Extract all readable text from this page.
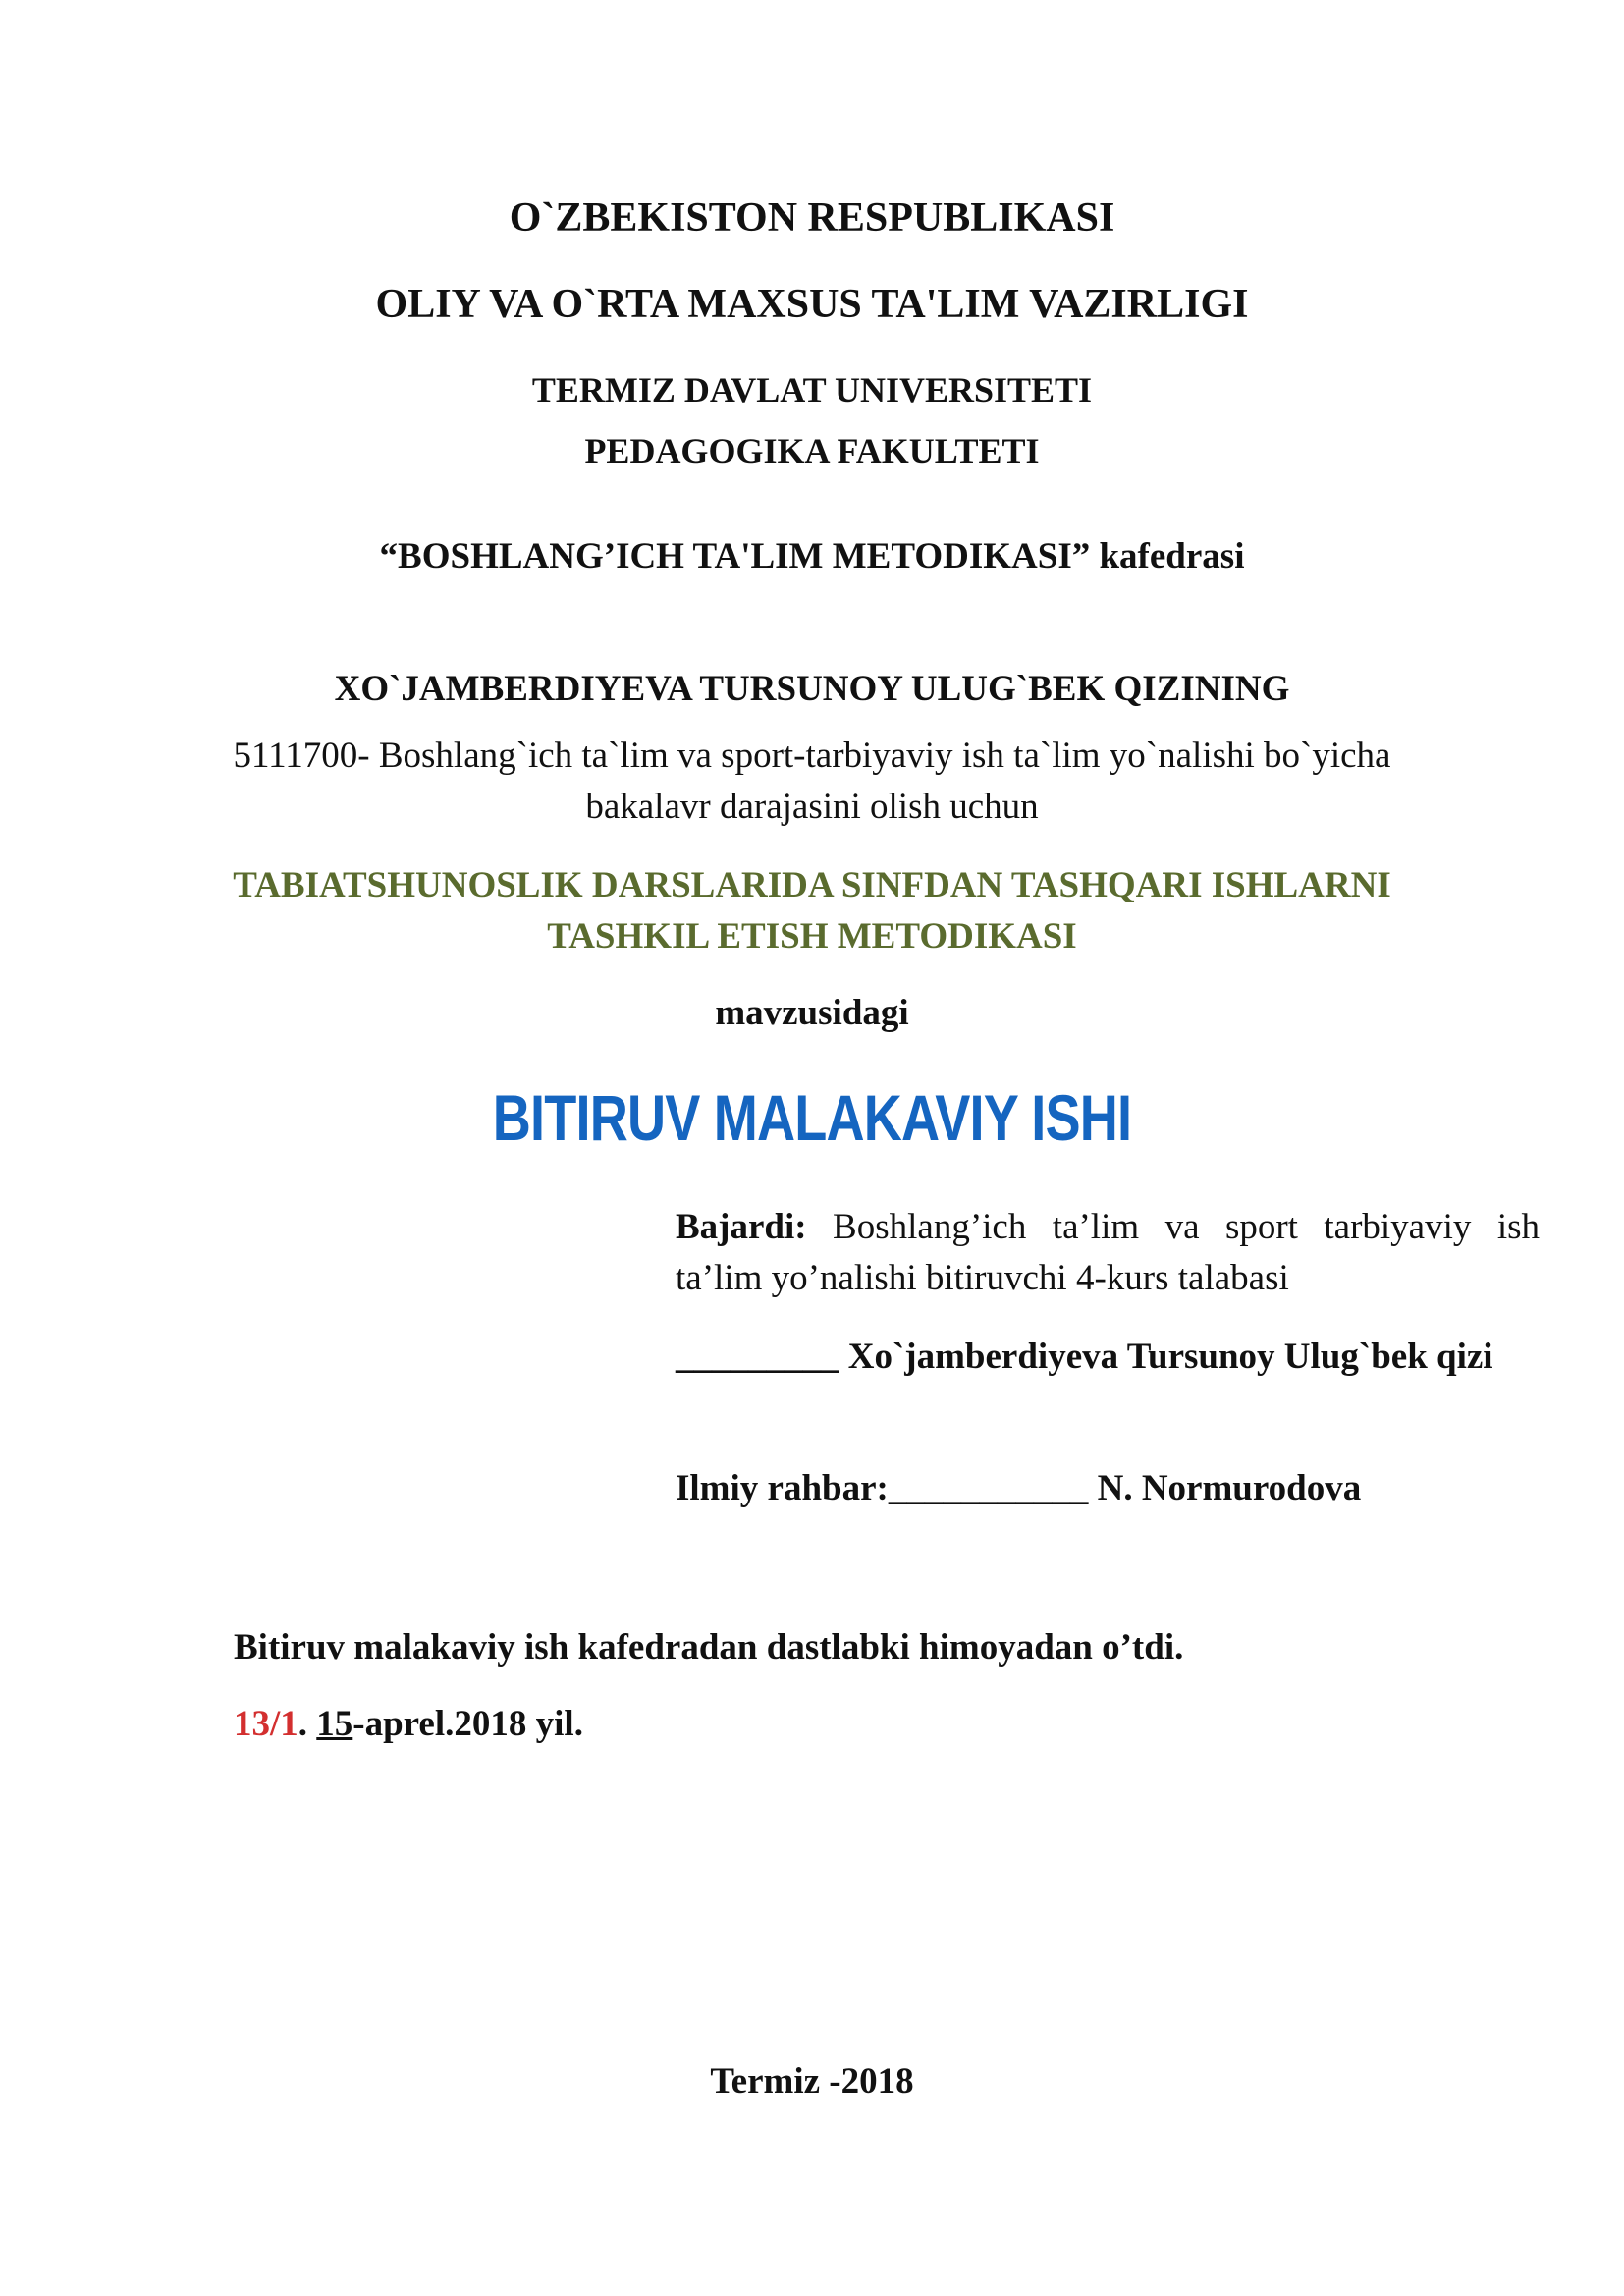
O`ZBEKISTON RESPUBLIKASI
OLIY VA O`RTA MAXSUS TA'LIM VAZIRLIGI
TERMIZ DAVLAT UNIVERSITETI
PEDAGOGIKA FAKULTETI
“BOSHLANG’ICH TA'LIM METODIKASI” kafedrasi
XO`JAMBERDIYEVA TURSUNOY ULUG`BEK QIZINING
5111700- Boshlang`ich ta`lim va sport-tarbiyaviy ish ta`lim yo`nalishi bo`yicha
bakalavr darajasini olish uchun
TABIATSHUNOSLIK DARSLARIDA SINFDAN TASHQARI ISHLARNI
TASHKIL ETISH METODIKASI
mavzusidagi
BITIRUV MALAKAVIY ISHI
Bajardi: Boshlang’ich ta’lim va sport tarbiyaviy ish
ta’lim yo’nalishi bitiruvchi 4-kurs talabasi
_________ Xo`jamberdiyeva Tursunoy Ulug`bek qizi
Ilmiy rahbar:___________ N. Normurodova
Bitiruv malakaviy ish kafedradan dastlabki himoyadan o’tdi.
13/1. 15-aprel.2018 yil.
Termiz -2018
